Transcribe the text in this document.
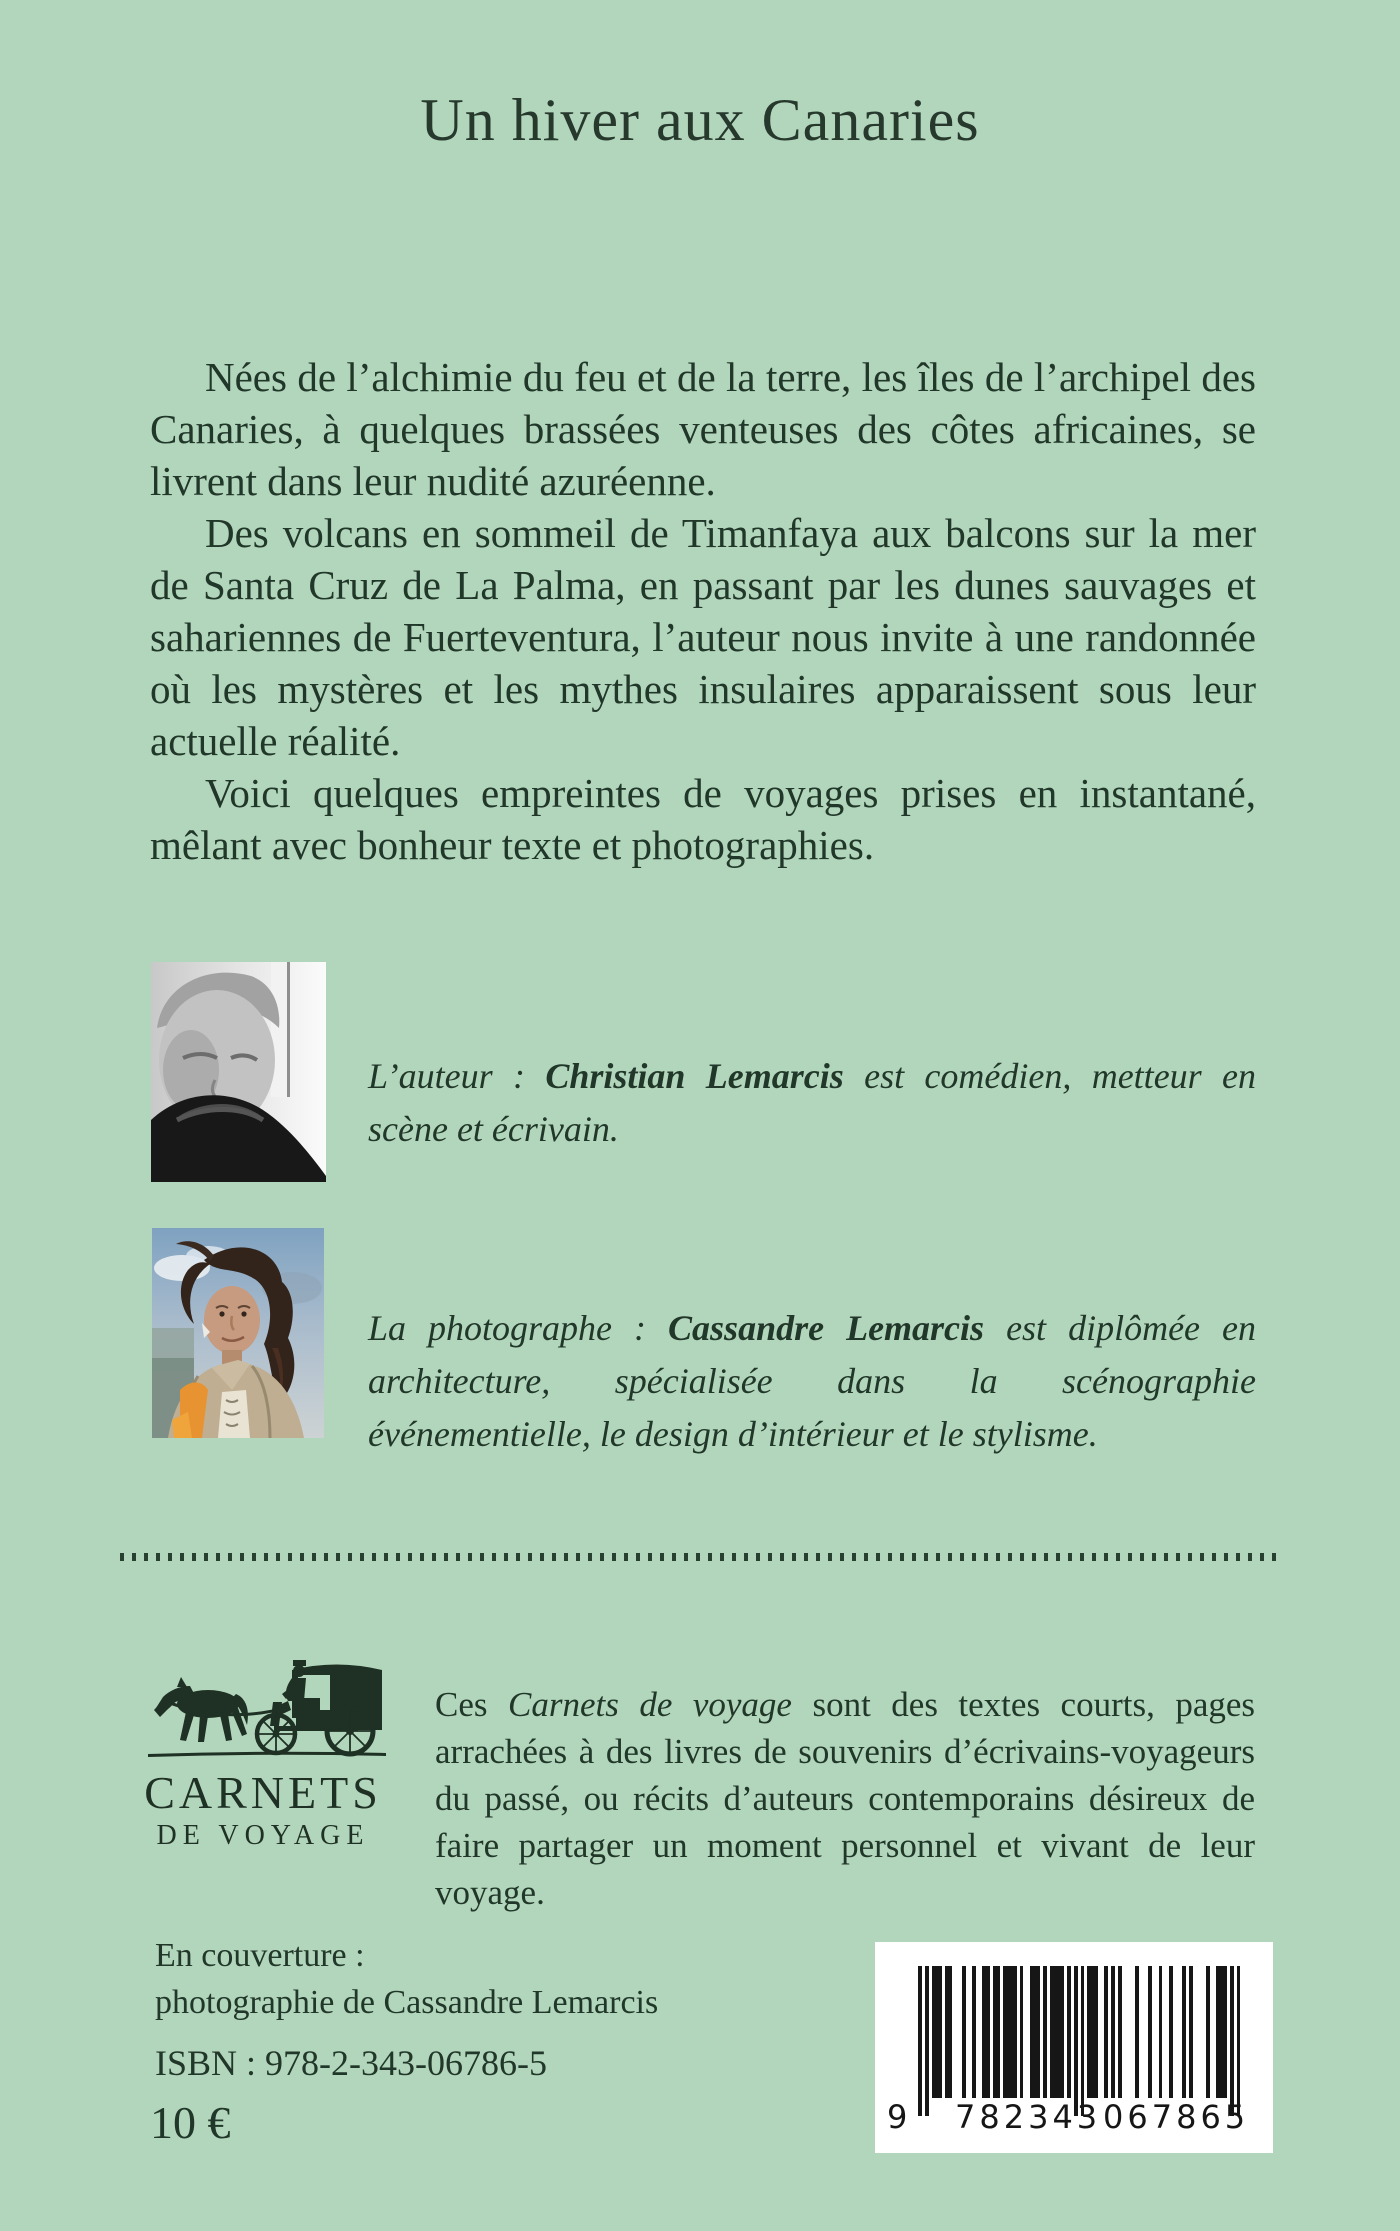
Un hiver aux Canaries

Nées de l’alchimie du feu et de la terre, les îles de l’archipel des Canaries, à quelques brassées venteuses des côtes africaines, se livrent dans leur nudité azuréenne.

Des volcans en sommeil de Timanfaya aux balcons sur la mer de Santa Cruz de La Palma, en passant par les dunes sauvages et sahariennes de Fuerteventura, l’auteur nous invite à une randonnée où les mystères et les mythes insulaires apparaissent sous leur actuelle réalité.

Voici quelques empreintes de voyages prises en instantané, mêlant avec bonheur texte et photographies.

L’auteur : Christian Lemarcis est comédien, metteur en scène et écrivain.

La photographe : Cassandre Lemarcis est diplômée en architecture, spécialisée dans la scénographie événementielle, le design d’intérieur et le stylisme.

CARNETS
DE VOYAGE

Ces Carnets de voyage sont des textes courts, pages arrachées à des livres de souvenirs d’écrivains-voyageurs du passé, ou récits d’auteurs contemporains désireux de faire partager un moment personnel et vivant de leur voyage.

En couverture :
photographie de Cassandre Lemarcis
ISBN : 978-2-343-06786-5
10 €	9 782343 067865
